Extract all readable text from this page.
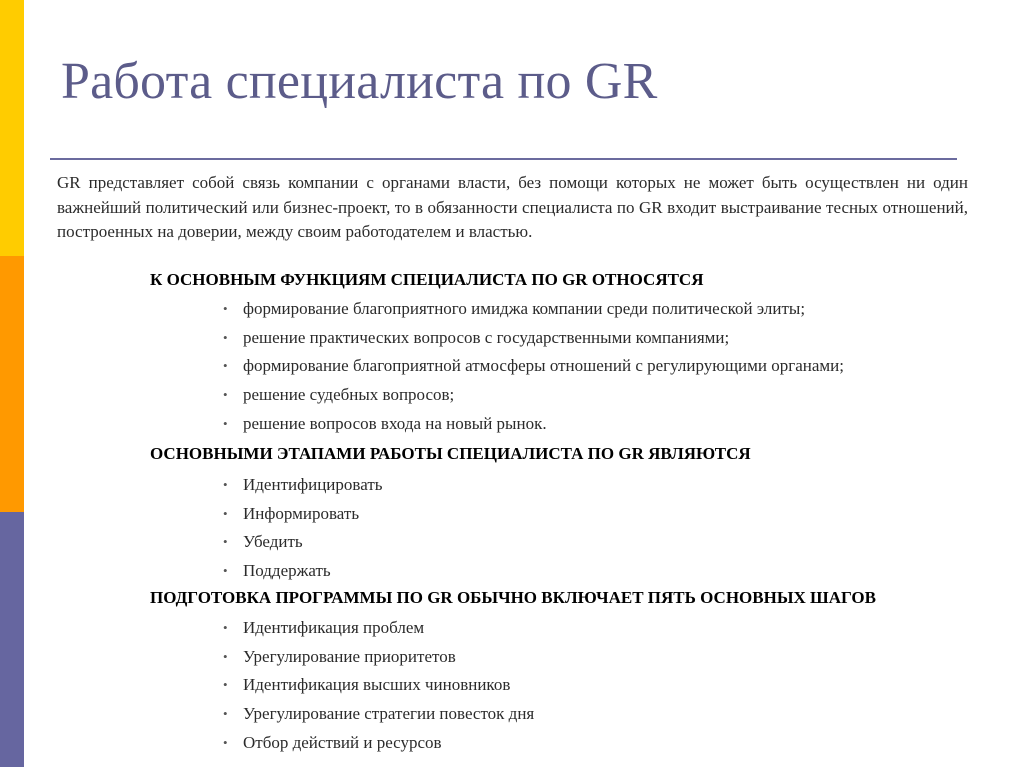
Работа специалиста по GR
GR представляет собой связь компании с органами власти, без помощи которых не может быть осуществлен ни один важнейший политический или бизнес-проект, то в обязанности специалиста по GR входит выстраивание тесных отношений, построенных на доверии, между своим работодателем и властью.
К ОСНОВНЫМ ФУНКЦИЯМ СПЕЦИАЛИСТА ПО GR ОТНОСЯТСЯ
• формирование благоприятного имиджа компании среди политической элиты;
• решение практических вопросов с государственными компаниями;
• формирование благоприятной атмосферы отношений с регулирующими органами;
• решение судебных вопросов;
• решение вопросов входа на новый рынок.
ОСНОВНЫМИ ЭТАПАМИ РАБОТЫ СПЕЦИАЛИСТА ПО GR ЯВЛЯЮТСЯ
• Идентифицировать
• Информировать
• Убедить
• Поддержать
ПОДГОТОВКА ПРОГРАММЫ ПО GR ОБЫЧНО ВКЛЮЧАЕТ ПЯТЬ ОСНОВНЫХ ШАГОВ
• Идентификация проблем
• Урегулирование приоритетов
• Идентификация высших чиновников
• Урегулирование стратегии повесток дня
• Отбор действий и ресурсов
